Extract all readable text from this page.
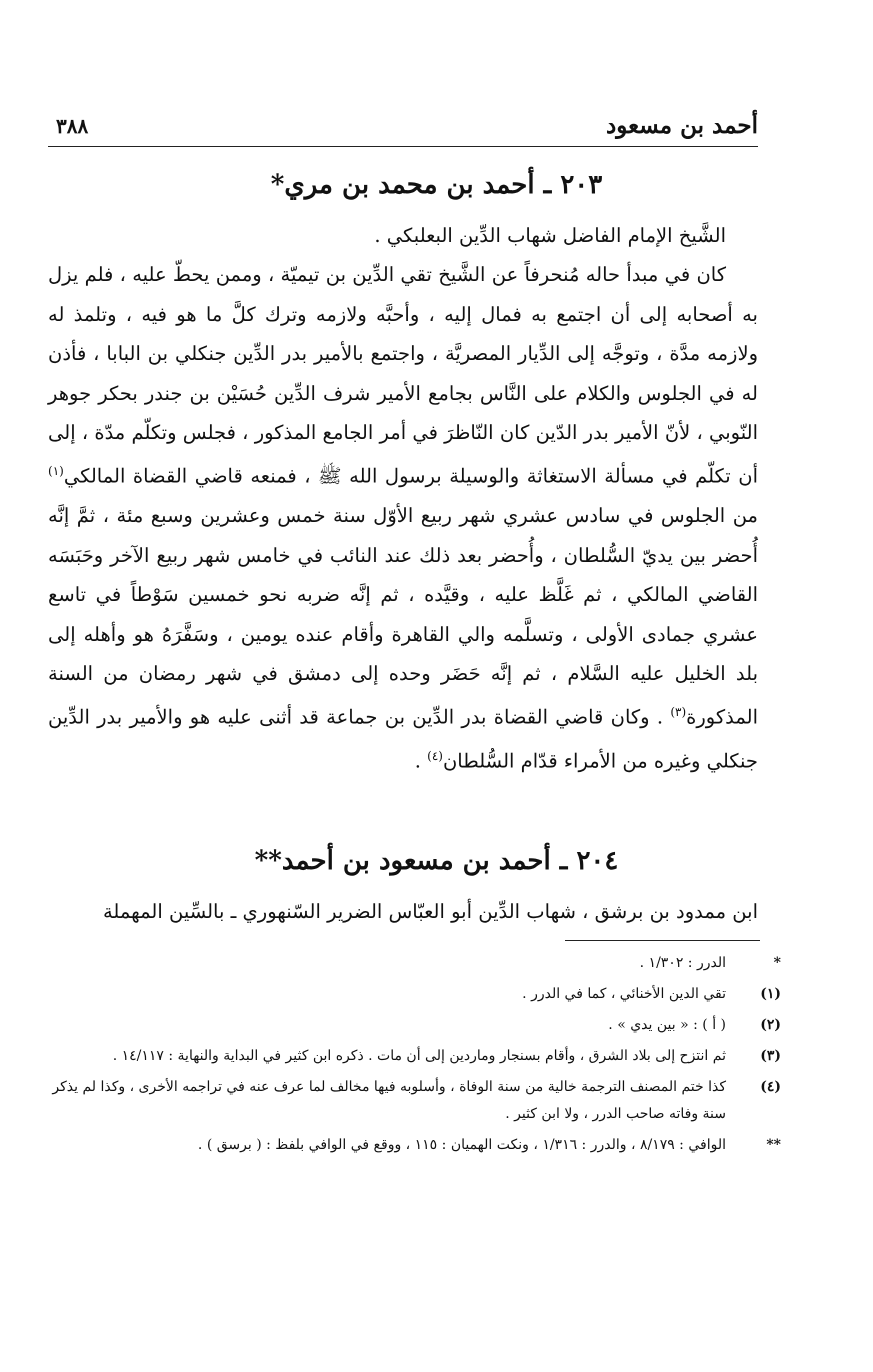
أحمد بن مسعود
٣٨٨
٢٠٣ ـ أحمد بن محمد بن مري*

الشَّيخ الإمام الفاضل شهاب الدِّين البعلبكي .

كان في مبدأ حاله مُنحرفاً عن الشَّيخ تقي الدِّين بن تيميّة ، وممن يحطّ عليه ، فلم يزل به أصحابه إلى أن اجتمع به فمال إليه ، وأحبَّه ولازمه وترك كلَّ ما هو فيه ، وتلمذ له ولازمه مدَّة ، وتوجَّه إلى الدِّيار المصريَّة ، واجتمع بالأمير بدر الدِّين جنكلي بن البابا ، فأذن له في الجلوس والكلام على النَّاس بجامع الأمير شرف الدِّين حُسَيْن بن جندر بحكر جوهر النّوبي ، لأنّ الأمير بدر الدّين كان النّاظرَ في أمر الجامع المذكور ، فجلس وتكلّم مدّة ، إلى أن تكلّم في مسألة الاستغاثة والوسيلة برسول الله ﷺ ، فمنعه قاضي القضاة المالكي$^{(١)}$ من الجلوس في سادس عشري شهر ربيع الأوّل سنة خمس وعشرين وسبع مئة ، ثمَّ إنَّه أُحضر بين يديّ السُّلطان ، وأُحضر بعد ذلك عند النائب في خامس شهر ربيع الآخر وحَبَسَه القاضي المالكي ، ثم غَلَّظ عليه ، وقيَّده ، ثم إنَّه ضربه نحو خمسين سَوْطاً في تاسع عشري جمادى الأولى ، وتسلَّمه والي القاهرة وأقام عنده يومين ، وسَفَّرَهُ هو وأهله إلى بلد الخليل عليه السَّلام ، ثم إنَّه حَضَر وحده إلى دمشق في شهر رمضان من السنة المذكورة$^{(٣)}$ . وكان قاضي القضاة بدر الدِّين بن جماعة قد أثنى عليه هو والأمير بدر الدِّين جنكلي وغيره من الأمراء قدّام السُّلطان$^{(٤)}$ .

٢٠٤ ـ أحمد بن مسعود بن أحمد**

ابن ممدود بن برشق ، شهاب الدِّين أبو العبّاس الضرير السّنهوري ـ بالسِّين المهملة

*
الدرر : ١/٣٠٢ .
(١)
تقي الدين الأخنائي ، كما في الدرر .
(٢)
( أ ) : « بين يدي » .
(٣)
ثم انتزح إلى بلاد الشرق ، وأقام بسنجار وماردين إلى أن مات . ذكره ابن كثير في البداية والنهاية : ١٤/١١٧ .
(٤)
كذا ختم المصنف الترجمة خالية من سنة الوفاة ، وأسلوبه فيها مخالف لما عرف عنه في تراجمه الأخرى ، وكذا لم يذكر سنة وفاته صاحب الدرر ، ولا ابن كثير .
**
الوافي : ٨/١٧٩ ، والدرر : ١/٣١٦ ، ونكت الهميان : ١١٥ ، ووقع في الوافي بلفظ : ( برسق ) .
